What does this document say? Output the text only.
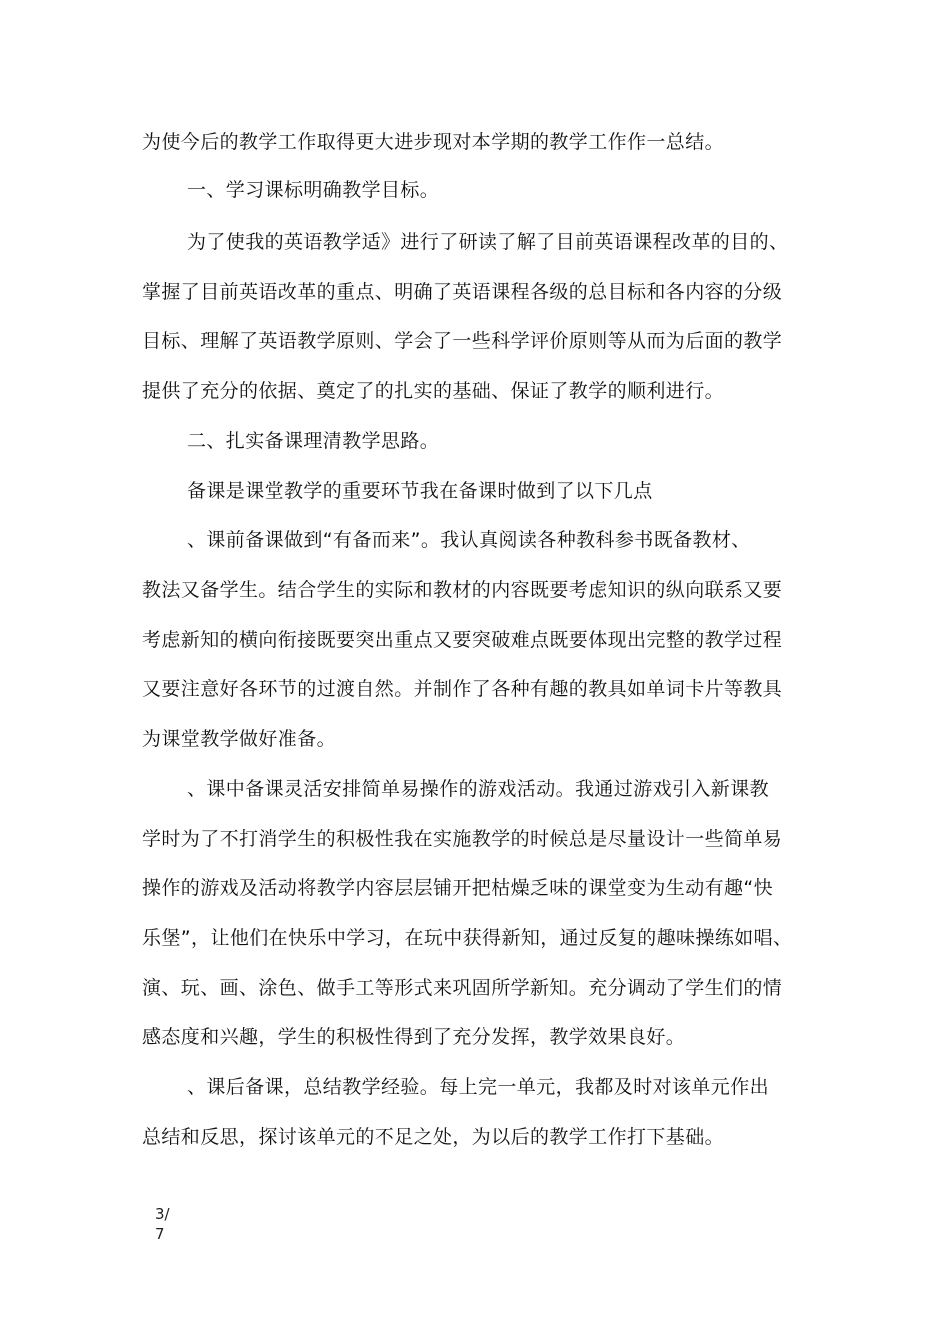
为使今后的教学工作取得更大进步现对本学期的教学工作作一总结。
一、学习课标明确教学目标。
为了使我的英语教学适》进行了研读了解了目前英语课程改革的目的、
掌握了目前英语改革的重点、明确了英语课程各级的总目标和各内容的分级
目标、理解了英语教学原则、学会了一些科学评价原则等从而为后面的教学
提供了充分的依据、奠定了的扎实的基础、保证了教学的顺利进行。
二、扎实备课理清教学思路。
备课是课堂教学的重要环节我在备课时做到了以下几点
、课前备课做到“有备而来”。我认真阅读各种教科参书既备教材、
教法又备学生。结合学生的实际和教材的内容既要考虑知识的纵向联系又要
考虑新知的横向衔接既要突出重点又要突破难点既要体现出完整的教学过程
又要注意好各环节的过渡自然。并制作了各种有趣的教具如单词卡片等教具
为课堂教学做好准备。
、课中备课灵活安排简单易操作的游戏活动。我通过游戏引入新课教
学时为了不打消学生的积极性我在实施教学的时候总是尽量设计一些简单易
操作的游戏及活动将教学内容层层铺开把枯燥乏味的课堂变为生动有趣“快
乐堡”，让他们在快乐中学习，在玩中获得新知，通过反复的趣味操练如唱、
演、玩、画、涂色、做手工等形式来巩固所学新知。充分调动了学生们的情
感态度和兴趣，学生的积极性得到了充分发挥，教学效果良好。
、课后备课，总结教学经验。每上完一单元，我都及时对该单元作出
总结和反思，探讨该单元的不足之处，为以后的教学工作打下基础。
3/
7
